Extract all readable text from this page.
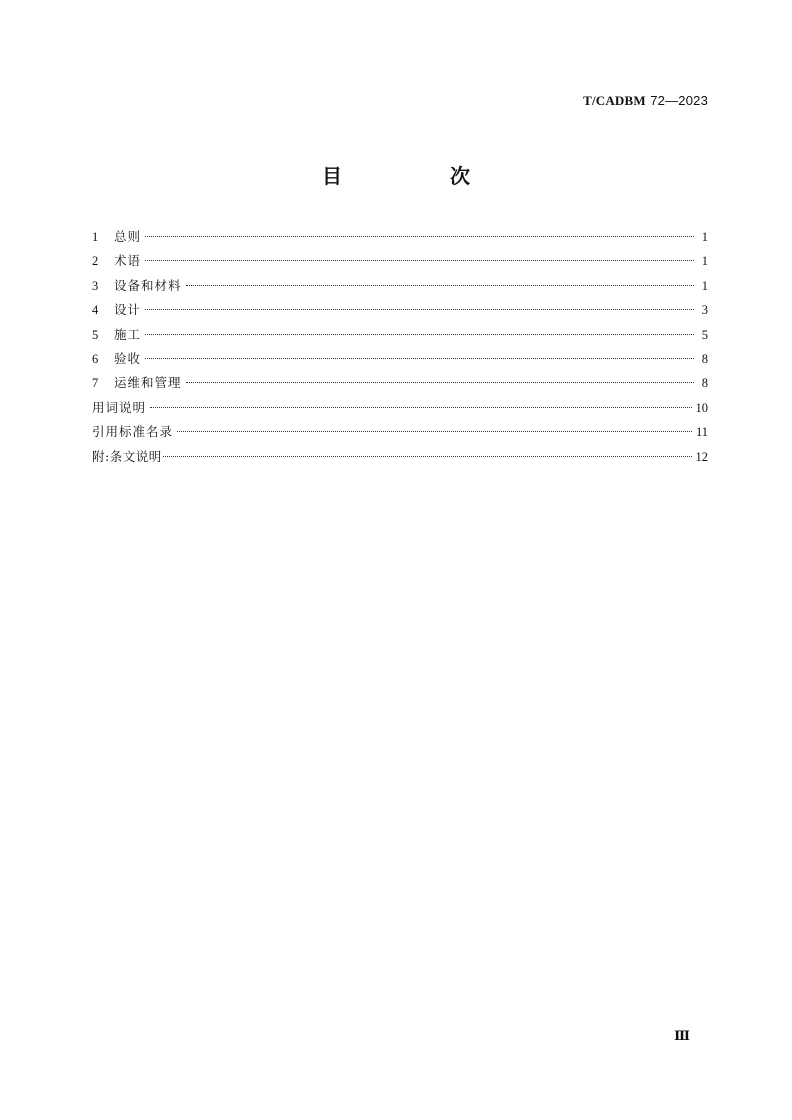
T/CADBM 72—2023
目　次
1	总则	1
2	术语	1
3	设备和材料	1
4	设计	3
5	施工	5
6	验收	8
7	运维和管理	8
用词说明	10
引用标准名录	11
附:条文说明	12
Ⅲ
